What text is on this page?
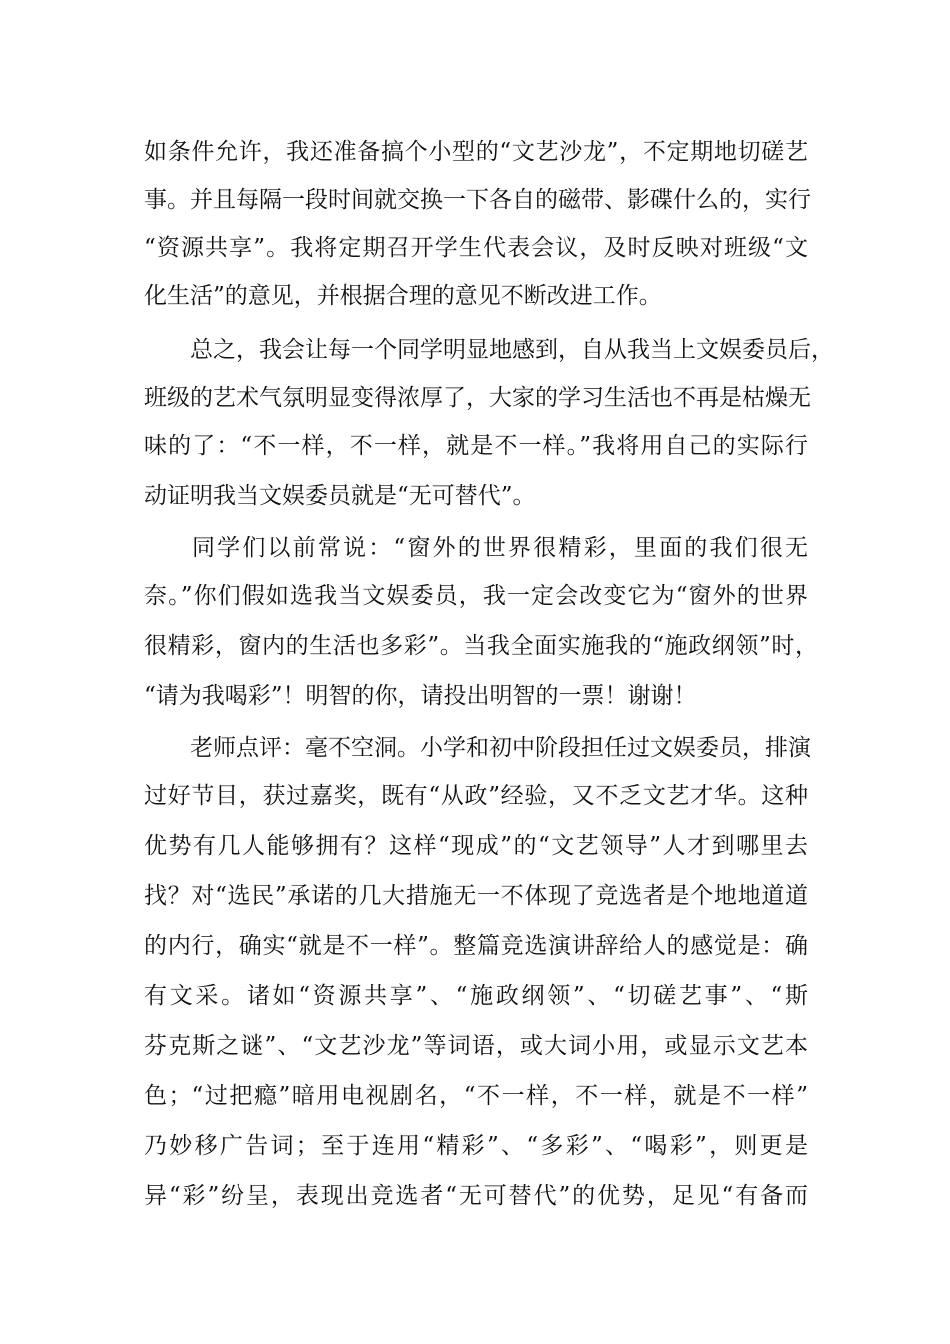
如条件允许，我还准备搞个小型的“文艺沙龙”，不定期地切磋艺
事。并且每隔一段时间就交换一下各自的磁带、影碟什么的，实行
“资源共享”。我将定期召开学生代表会议，及时反映对班级“文
化生活”的意见，并根据合理的意见不断改进工作。
总之，我会让每一个同学明显地感到，自从我当上文娱委员后，
班级的艺术气氛明显变得浓厚了，大家的学习生活也不再是枯燥无
味的了：“不一样，不一样，就是不一样。”我将用自己的实际行
动证明我当文娱委员就是“无可替代”。
同学们以前常说：“窗外的世界很精彩，里面的我们很无
奈。”你们假如选我当文娱委员，我一定会改变它为“窗外的世界
很精彩，窗内的生活也多彩”。当我全面实施我的“施政纲领”时，
“请为我喝彩”！明智的你，请投出明智的一票！谢谢！
老师点评：毫不空洞。小学和初中阶段担任过文娱委员，排演
过好节目，获过嘉奖，既有“从政”经验，又不乏文艺才华。这种
优势有几人能够拥有？这样“现成”的“文艺领导”人才到哪里去
找？对“选民”承诺的几大措施无一不体现了竞选者是个地地道道
的内行，确实“就是不一样”。整篇竞选演讲辞给人的感觉是：确
有文采。诸如“资源共享”、“施政纲领”、“切磋艺事”、“斯
芬克斯之谜”、“文艺沙龙”等词语，或大词小用，或显示文艺本
色；“过把瘾”暗用电视剧名，“不一样，不一样，就是不一样”
乃妙移广告词；至于连用“精彩”、“多彩”、“喝彩”，则更是
异“彩”纷呈，表现出竞选者“无可替代”的优势，足见“有备而
